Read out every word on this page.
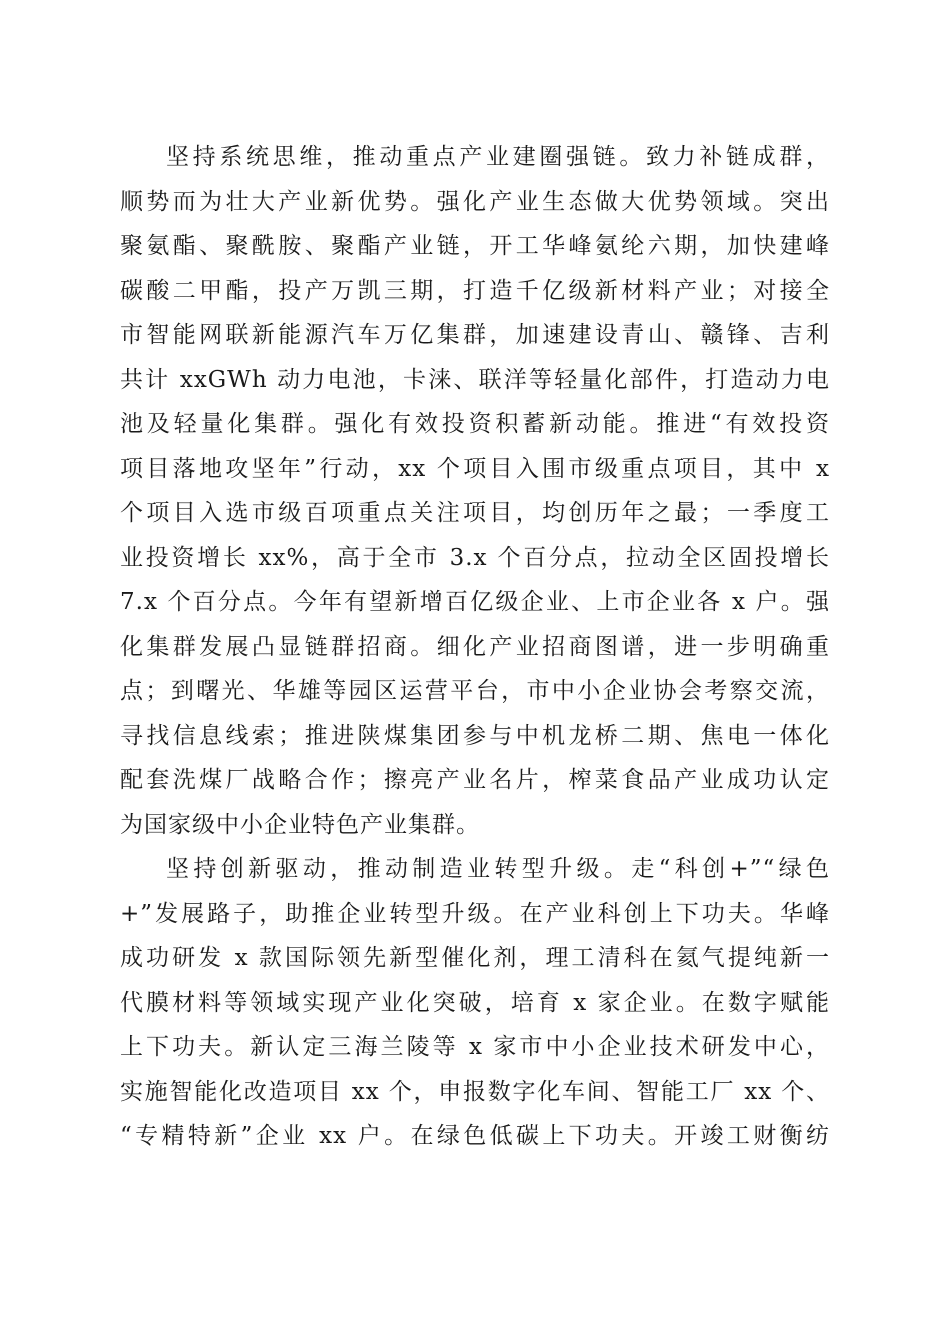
坚持系统思维，推动重点产业建圈强链。致力补链成群，
顺势而为壮大产业新优势。强化产业生态做大优势领域。突出
聚氨酯、聚酰胺、聚酯产业链，开工华峰氨纶六期，加快建峰
碳酸二甲酯，投产万凯三期，打造千亿级新材料产业；对接全
市智能网联新能源汽车万亿集群，加速建设青山、赣锋、吉利
共计 xxGWh 动力电池，卡涞、联洋等轻量化部件，打造动力电
池及轻量化集群。强化有效投资积蓄新动能。推进“有效投资
项目落地攻坚年”行动，xx 个项目入围市级重点项目，其中 x
个项目入选市级百项重点关注项目，均创历年之最；一季度工
业投资增长 xx%，高于全市 3.x 个百分点，拉动全区固投增长
7.x 个百分点。今年有望新增百亿级企业、上市企业各 x 户。强
化集群发展凸显链群招商。细化产业招商图谱，进一步明确重
点；到曙光、华雄等园区运营平台，市中小企业协会考察交流，
寻找信息线索；推进陕煤集团参与中机龙桥二期、焦电一体化
配套洗煤厂战略合作；擦亮产业名片，榨菜食品产业成功认定
为国家级中小企业特色产业集群。
坚持创新驱动，推动制造业转型升级。走“科创+”“绿色
+”发展路子，助推企业转型升级。在产业科创上下功夫。华峰
成功研发 x 款国际领先新型催化剂，理工清科在氦气提纯新一
代膜材料等领域实现产业化突破，培育 x 家企业。在数字赋能
上下功夫。新认定三海兰陵等 x 家市中小企业技术研发中心，
实施智能化改造项目 xx 个，申报数字化车间、智能工厂 xx 个、
“专精特新”企业 xx 户。在绿色低碳上下功夫。开竣工财衡纺
